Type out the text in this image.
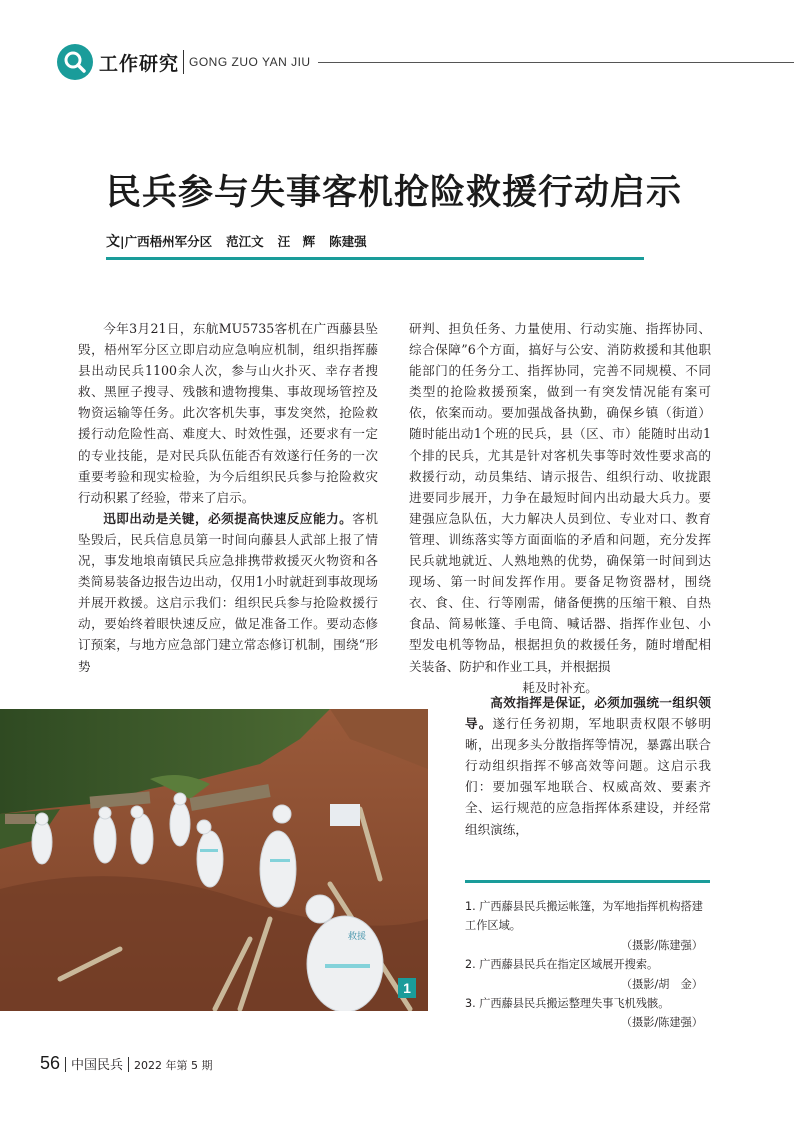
工作研究 GONG ZUO YAN JIU
民兵参与失事客机抢险救援行动启示
文|广西梧州军分区 范江文 汪　辉 陈建强

今年3月21日，东航MU5735客机在广西藤县坠毁，梧州军分区立即启动应急响应机制，组织指挥藤县出动民兵1100余人次，参与山火扑灭、幸存者搜救、黑匣子搜寻、残骸和遗物搜集、事故现场管控及物资运输等任务。此次客机失事，事发突然，抢险救援行动危险性高、难度大、时效性强，还要求有一定的专业技能，是对民兵队伍能否有效遂行任务的一次重要考验和现实检验，为今后组织民兵参与抢险救灾行动积累了经验，带来了启示。

迅即出动是关键，必须提高快速反应能力。客机坠毁后，民兵信息员第一时间向藤县人武部上报了情况，事发地埌南镇民兵应急排携带救援灭火物资和各类简易装备边报告边出动，仅用1小时就赶到事故现场并展开救援。这启示我们：组织民兵参与抢险救援行动，要始终着眼快速反应，做足准备工作。要动态修订预案，与地方应急部门建立常态修订机制，围绕“形势

研判、担负任务、力量使用、行动实施、指挥协同、综合保障”6个方面，搞好与公安、消防救援和其他职能部门的任务分工、指挥协同，完善不同规模、不同类型的抢险救援预案，做到一有突发情况能有案可依，依案而动。要加强战备执勤，确保乡镇（街道）随时能出动1个班的民兵，县（区、市）能随时出动1个排的民兵，尤其是针对客机失事等时效性要求高的救援行动，动员集结、请示报告、组织行动、收拢跟进要同步展开，力争在最短时间内出动最大兵力。要建强应急队伍，大力解决人员到位、专业对口、教育管理、训练落实等方面面临的矛盾和问题，充分发挥民兵就地就近、人熟地熟的优势，确保第一时间到达现场、第一时间发挥作用。要备足物资器材，围绕衣、食、住、行等刚需，储备便携的压缩干粮、自热食品、简易帐篷、手电筒、喊话器、指挥作业包、小型发电机等物品，根据担负的救援任务，随时增配相关装备、防护和作业工具，并根据损

耗及时补充。

高效指挥是保证，必须加强统一组织领导。遂行任务初期，军地职责权限不够明晰，出现多头分散指挥等情况，暴露出联合行动组织指挥不够高效等问题。这启示我们：要加强军地联合、权威高效、要素齐全、运行规范的应急指挥体系建设，并经常组织演练，

救援
1

1. 广西藤县民兵搬运帐篷，为军地指挥机构搭建工作区域。

（摄影/陈建强）

2. 广西藤县民兵在指定区域展开搜索。

（摄影/胡　金）

3. 广西藤县民兵搬运整理失事飞机残骸。

（摄影/陈建强）

56 中国民兵 2022 年第 5 期
